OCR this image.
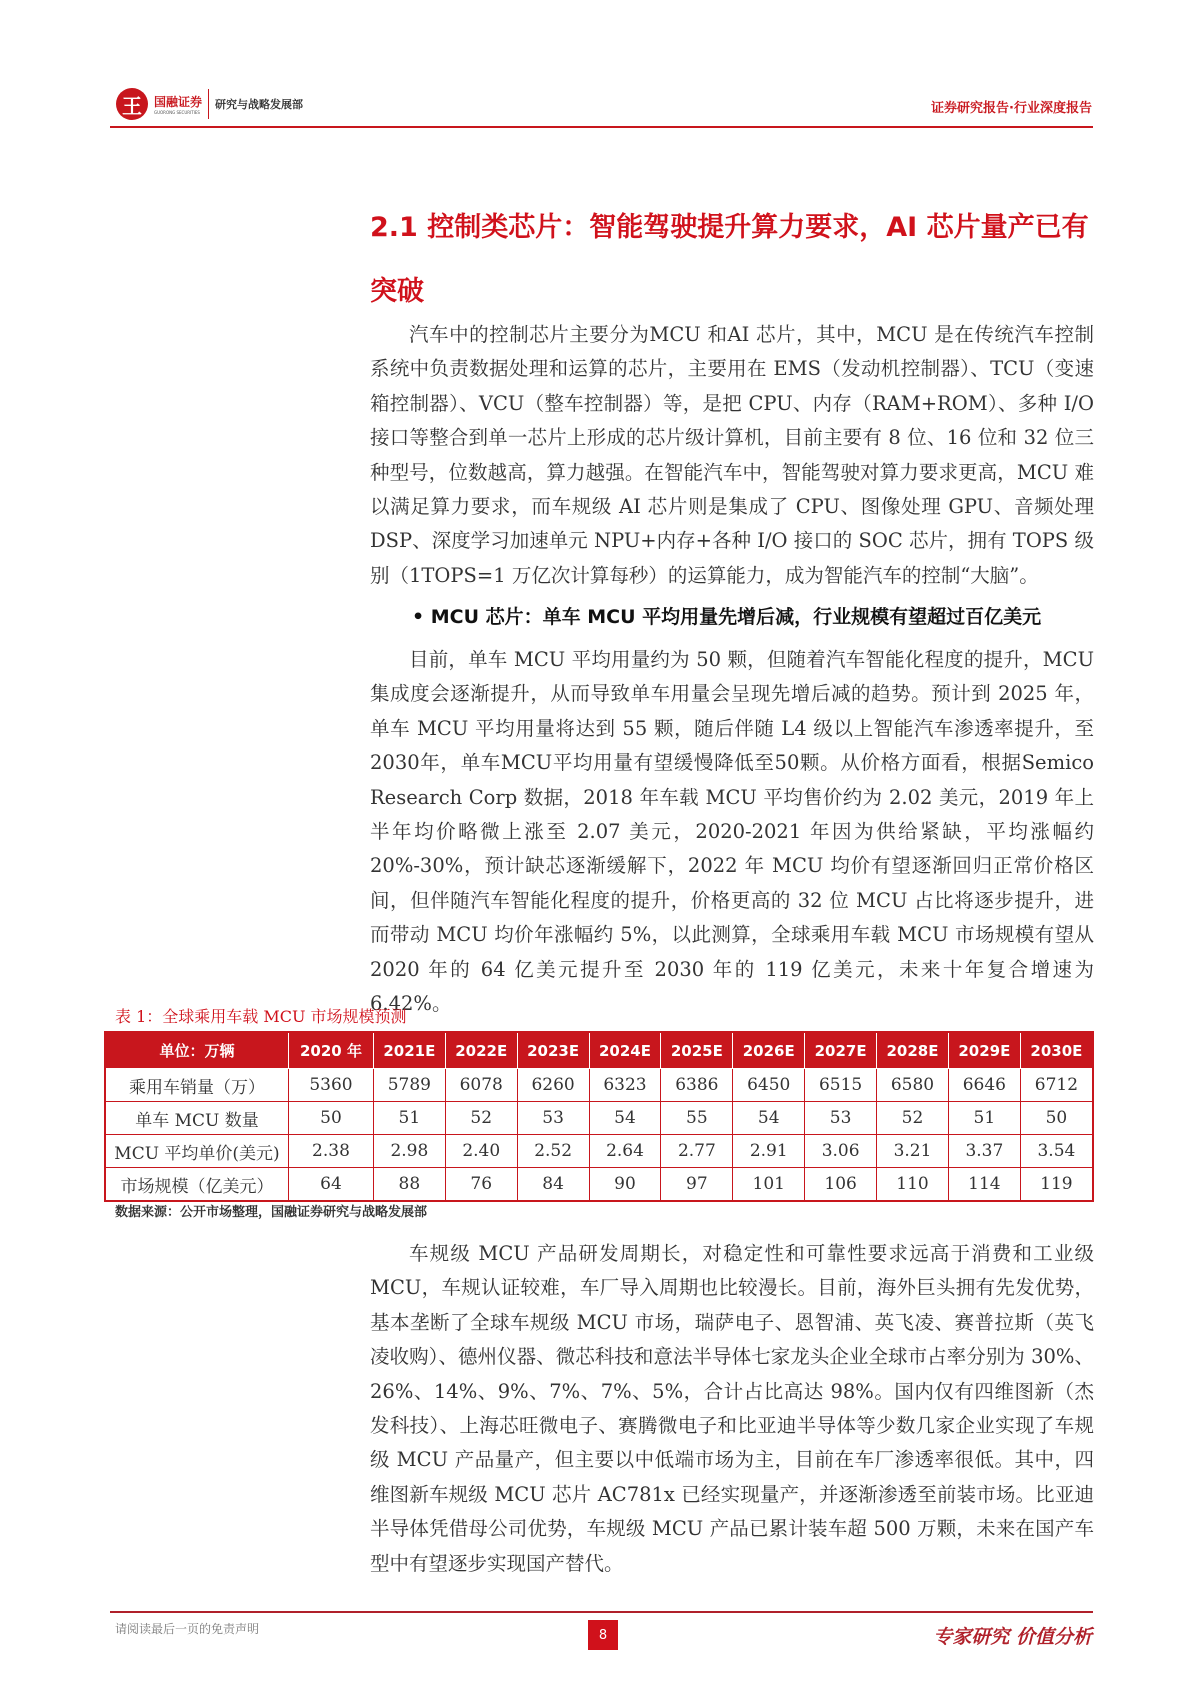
王	国融证券
GUORONG SECURITIES
研究与战略发展部	证券研究报告·行业深度报告
2.1 控制类芯片：智能驾驶提升算力要求，AI 芯片量产已有突破
汽车中的控制芯片主要分为MCU 和AI 芯片，其中，MCU 是在传统汽车控制系统中负责数据处理和运算的芯片，主要用在 EMS（发动机控制器）、TCU（变速箱控制器）、VCU（整车控制器）等，是把 CPU、内存（RAM+ROM）、多种 I/O 接口等整合到单一芯片上形成的芯片级计算机，目前主要有 8 位、16 位和 32 位三种型号，位数越高，算力越强。在智能汽车中，智能驾驶对算力要求更高，MCU 难以满足算力要求，而车规级 AI 芯片则是集成了 CPU、图像处理 GPU、音频处理 DSP、深度学习加速单元 NPU+内存+各种 I/O 接口的 SOC 芯片，拥有 TOPS 级别（1TOPS=1 万亿次计算每秒）的运算能力，成为智能汽车的控制“大脑”。
• MCU 芯片：单车 MCU 平均用量先增后减，行业规模有望超过百亿美元
目前，单车 MCU 平均用量约为 50 颗，但随着汽车智能化程度的提升，MCU 集成度会逐渐提升，从而导致单车用量会呈现先增后减的趋势。预计到 2025 年，单车 MCU 平均用量将达到 55 颗，随后伴随 L4 级以上智能汽车渗透率提升，至 2030年，单车MCU平均用量有望缓慢降低至50颗。从价格方面看，根据Semico Research Corp 数据，2018 年车载 MCU 平均售价约为 2.02 美元，2019 年上半年均价略微上涨至 2.07 美元，2020-2021 年因为供给紧缺，平均涨幅约 20%-30%，预计缺芯逐渐缓解下，2022 年 MCU 均价有望逐渐回归正常价格区间，但伴随汽车智能化程度的提升，价格更高的 32 位 MCU 占比将逐步提升，进而带动 MCU 均价年涨幅约 5%，以此测算，全球乘用车载 MCU 市场规模有望从 2020 年的 64 亿美元提升至 2030 年的 119 亿美元，未来十年复合增速为 6.42%。
表 1：全球乘用车载 MCU 市场规模预测
单位：万辆	2020 年	2021E	2022E	2023E	2024E	2025E	2026E	2027E	2028E	2029E	2030E
乘用车销量（万）	5360	5789	6078	6260	6323	6386	6450	6515	6580	6646	6712
单车 MCU 数量	50	51	52	53	54	55	54	53	52	51	50
MCU 平均单价(美元)	2.38	2.98	2.40	2.52	2.64	2.77	2.91	3.06	3.21	3.37	3.54
市场规模（亿美元）	64	88	76	84	90	97	101	106	110	114	119
数据来源：公开市场整理，国融证券研究与战略发展部
车规级 MCU 产品研发周期长，对稳定性和可靠性要求远高于消费和工业级 MCU，车规认证较难，车厂导入周期也比较漫长。目前，海外巨头拥有先发优势，基本垄断了全球车规级 MCU 市场，瑞萨电子、恩智浦、英飞凌、赛普拉斯（英飞凌收购）、德州仪器、微芯科技和意法半导体七家龙头企业全球市占率分别为 30%、26%、14%、9%、7%、7%、5%，合计占比高达 98%。国内仅有四维图新（杰发科技）、上海芯旺微电子、赛腾微电子和比亚迪半导体等少数几家企业实现了车规级 MCU 产品量产，但主要以中低端市场为主，目前在车厂渗透率很低。其中，四维图新车规级 MCU 芯片 AC781x 已经实现量产，并逐渐渗透至前装市场。比亚迪半导体凭借母公司优势，车规级 MCU 产品已累计装车超 500 万颗，未来在国产车型中有望逐步实现国产替代。
请阅读最后一页的免责声明	8	专家研究 价值分析
